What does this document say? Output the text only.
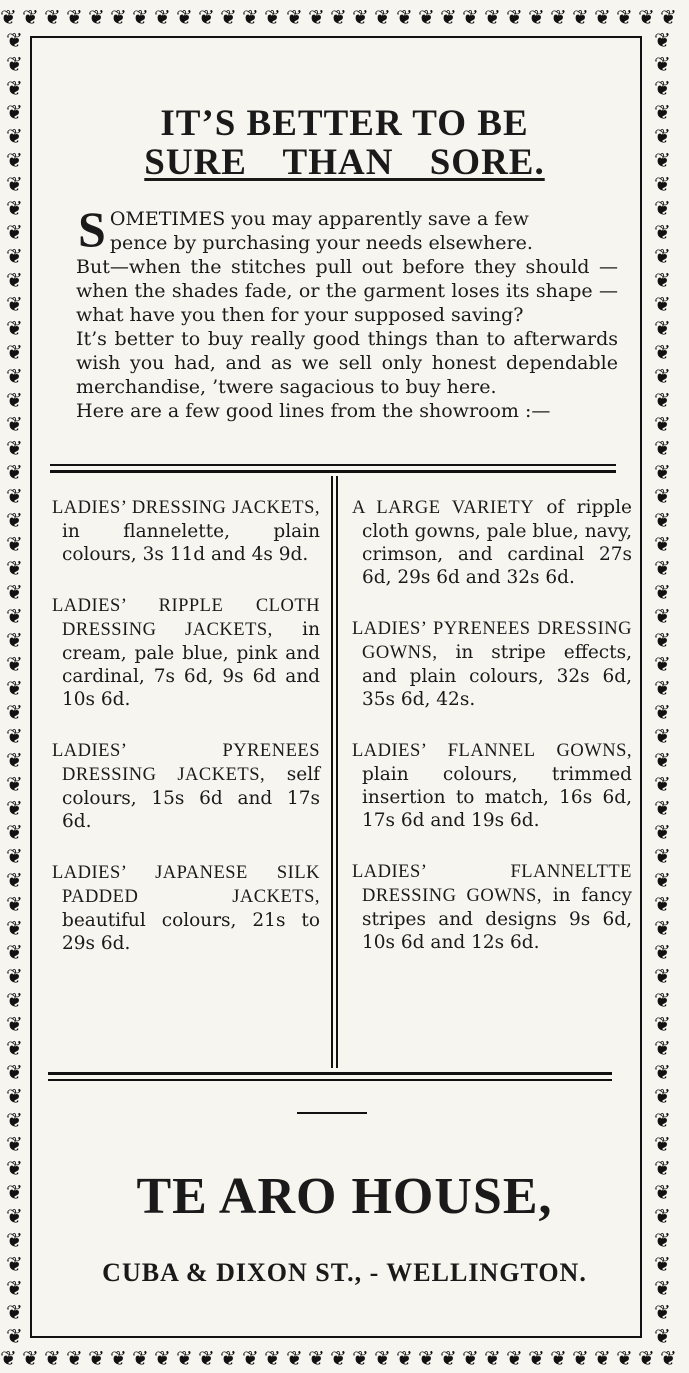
❦ ❦ ❦ ❦ ❦ ❦ ❦ ❦ ❦ ❦ ❦ ❦ ❦ ❦ ❦ ❦ ❦ ❦ ❦ ❦ ❦ ❦ ❦ ❦ ❦ ❦ ❦ ❦ ❦ ❦ ❦
❦ ❦ ❦ ❦ ❦ ❦ ❦ ❦ ❦ ❦ ❦ ❦ ❦ ❦ ❦ ❦ ❦ ❦ ❦ ❦ ❦ ❦ ❦ ❦ ❦ ❦ ❦ ❦ ❦ ❦ ❦
❦
❦
❦
❦
❦
❦
❦
❦
❦
❦
❦
❦
❦
❦
❦
❦
❦
❦
❦
❦
❦
❦
❦
❦
❦
❦
❦
❦
❦
❦
❦
❦
❦
❦
❦
❦
❦
❦
❦
❦
❦
❦
❦
❦
❦
❦
❦
❦
❦
❦
❦
❦
❦
❦
❦
❦
❦
❦
❦
❦
❦
❦
❦
❦
❦
❦
❦
❦
❦
❦
❦
❦
❦
❦
❦
❦
❦
❦
❦
❦
❦
❦
❦
❦
❦
❦
❦
❦
❦
❦
❦
❦
❦
❦
❦
❦
❦
❦
❦
❦
❦
❦
❦
❦
❦
❦
❦
❦
❦
❦
IT’S BETTER TO BE
SURE THAN SORE.

S OMETIMES you may apparently save a few
pence by purchasing your needs elsewhere.

But—when the stitches pull out before they should —when the shades fade, or the garment loses its shape —what have you then for your supposed saving?

It’s better to buy really good things than to afterwards wish you had, and as we sell only honest dependable merchandise, ’twere sagacious to buy here.

Here are a few good lines from the showroom :—

LADIES’ DRESSING JACKETS, in flannelette, plain colours, 3s 11d and 4s 9d.
LADIES’ RIPPLE CLOTH DRESSING JACKETS, in cream, pale blue, pink and cardinal, 7s 6d, 9s 6d and 10s 6d.
LADIES’ PYRENEES DRESSING JACKETS, self colours, 15s 6d and 17s 6d.
LADIES’ JAPANESE SILK PADDED JACKETS, beautiful colours, 21s to 29s 6d.
A LARGE VARIETY of ripple cloth gowns, pale blue, navy, crimson, and cardinal 27s 6d, 29s 6d and 32s 6d.
LADIES’ PYRENEES DRESSING GOWNS, in stripe effects, and plain colours, 32s 6d, 35s 6d, 42s.
LADIES’ FLANNEL GOWNS, plain colours, trimmed insertion to match, 16s 6d, 17s 6d and 19s 6d.
LADIES’ FLANNELTTE DRESSING GOWNS, in fancy stripes and designs 9s 6d, 10s 6d and 12s 6d.
TE ARO HOUSE,
CUBA & DIXON ST., - WELLINGTON.
